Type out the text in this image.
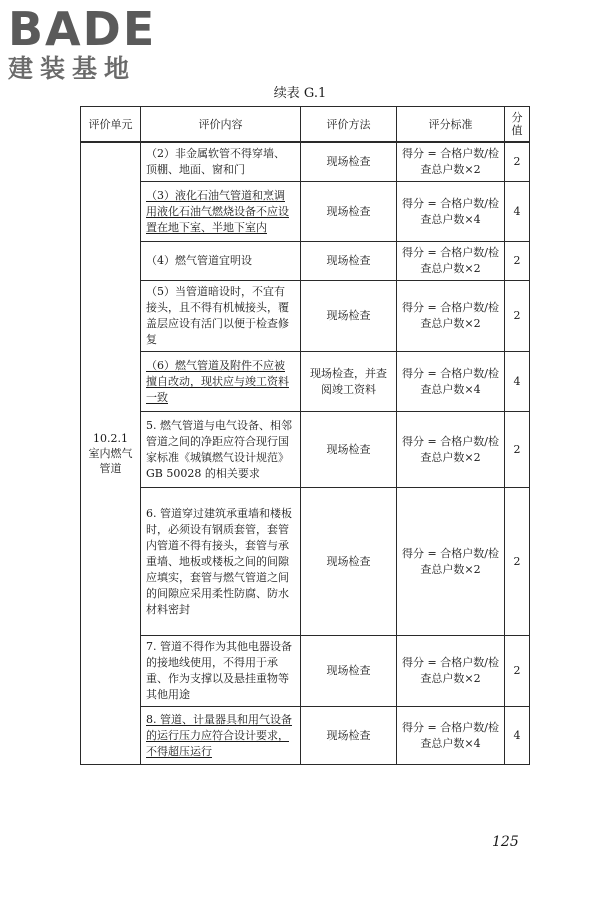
BADE
建装基地
续表 G.1
评价单元	评价内容	评价方法	评分标准	分值
10.2.1 室内燃气管道	（2）非金属软管不得穿墙、顶棚、地面、窗和门	现场检查	得分 = 合格户数/检查总户数×2	2
	（3）液化石油气管道和烹调用液化石油气燃烧设备不应设置在地下室、半地下室内	现场检查	得分 = 合格户数/检查总户数×4	4
	（4）燃气管道宜明设	现场检查	得分 = 合格户数/检查总户数×2	2
	（5）当管道暗设时，不宜有接头，且不得有机械接头，覆盖层应设有活门以便于检查修复	现场检查	得分 = 合格户数/检查总户数×2	2
	（6）燃气管道及附件不应被擅自改动，现状应与竣工资料一致	现场检查，并查阅竣工资料	得分 = 合格户数/检查总户数×4	4
	5. 燃气管道与电气设备、相邻管道之间的净距应符合现行国家标准《城镇燃气设计规范》GB 50028 的相关要求	现场检查	得分 = 合格户数/检查总户数×2	2
	6. 管道穿过建筑承重墙和楼板时，必须设有钢质套管，套管内管道不得有接头，套管与承重墙、地板或楼板之间的间隙应填实，套管与燃气管道之间的间隙应采用柔性防腐、防水材料密封	现场检查	得分 = 合格户数/检查总户数×2	2
	7. 管道不得作为其他电器设备的接地线使用，不得用于承重、作为支撑以及悬挂重物等其他用途	现场检查	得分 = 合格户数/检查总户数×2	2
	8. 管道、计量器具和用气设备的运行压力应符合设计要求，不得超压运行	现场检查	得分 = 合格户数/检查总户数×4	4
125
